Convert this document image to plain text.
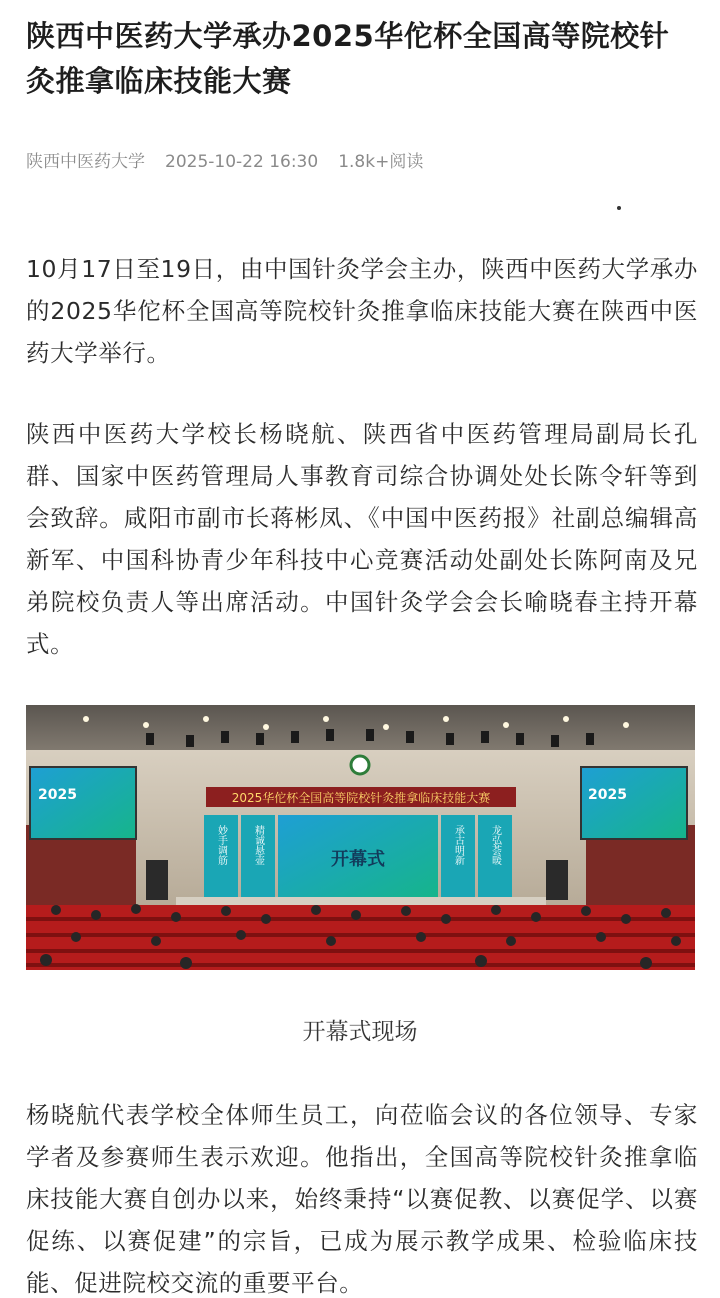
陕西中医药大学承办2025华佗杯全国高等院校针灸推拿临床技能大赛
陕西中医药大学 2025-10-22 16:30 1.8k+阅读

10月17日至19日，由中国针灸学会主办，陕西中医药大学承办的2025华佗杯全国高等院校针灸推拿临床技能大赛在陕西中医药大学举行。

陕西中医药大学校长杨晓航、陕西省中医药管理局副局长孔群、国家中医药管理局人事教育司综合协调处处长陈令轩等到会致辞。咸阳市副市长蒋彬凤、《中国中医药报》社副总编辑高新军、中国科协青少年科技中心竞赛活动处副处长陈阿南及兄弟院校负责人等出席活动。中国针灸学会会长喻晓春主持开幕式。

2025	2025
2025华佗杯全国高等院校针灸推拿临床技能大赛
开幕式
妙手调筋	精诚悬壶	承古明新	龙弘荟暖
开幕式现场

杨晓航代表学校全体师生员工，向莅临会议的各位领导、专家学者及参赛师生表示欢迎。他指出，全国高等院校针灸推拿临床技能大赛自创办以来，始终秉持“以赛促教、以赛促学、以赛促练、以赛促建”的宗旨，已成为展示教学成果、检验临床技能、促进院校交流的重要平台。
